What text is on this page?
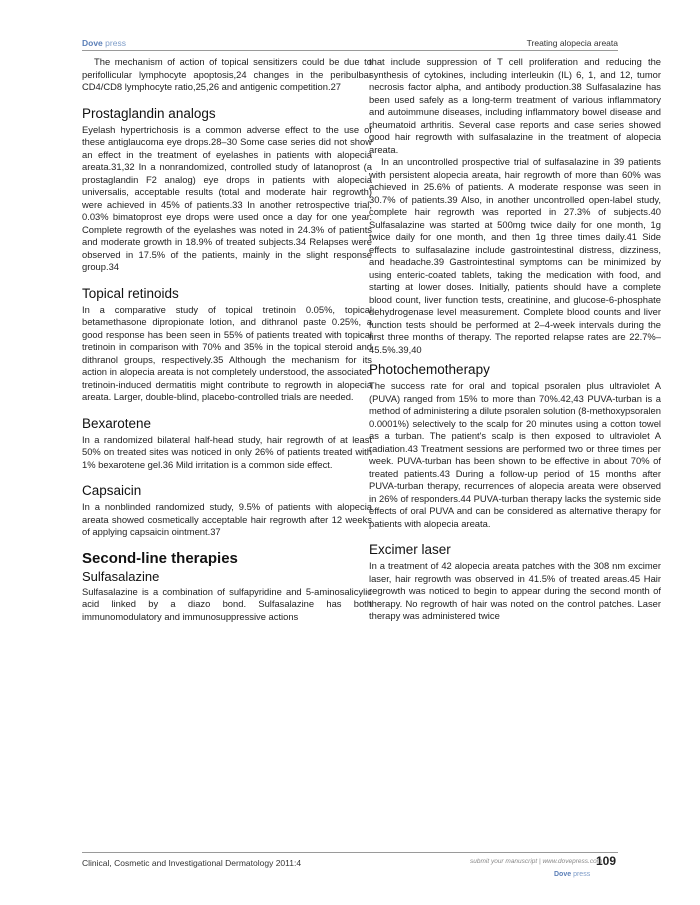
Dove press	Treating alopecia areata

The mechanism of action of topical sensitizers could be due to perifollicular lymphocyte apoptosis,24 changes in the peribulbar CD4/CD8 lymphocyte ratio,25,26 and antigenic competition.27

Prostaglandin analogs

Eyelash hypertrichosis is a common adverse effect to the use of these antiglaucoma eye drops.28–30 Some case series did not show an effect in the treatment of eyelashes in patients with alopecia areata.31,32 In a nonrandomized, controlled study of latanoprost (a prostaglandin F2 analog) eye drops in patients with alopecia universalis, acceptable results (total and moderate hair regrowth) were achieved in 45% of patients.33 In another retrospective trial, 0.03% bimatoprost eye drops were used once a day for one year. Complete regrowth of the eyelashes was noted in 24.3% of patients and moderate growth in 18.9% of treated subjects.34 Relapses were observed in 17.5% of the patients, mainly in the slight response group.34

Topical retinoids

In a comparative study of topical tretinoin 0.05%, topical betamethasone dipropionate lotion, and dithranol paste 0.25%, a good response has been seen in 55% of patients treated with topical tretinoin in comparison with 70% and 35% in the topical steroid and dithranol groups, respectively.35 Although the mechanism for its action in alopecia areata is not completely understood, the associated tretinoin-induced dermatitis might contribute to regrowth in alopecia areata. Larger, double-blind, placebo-controlled trials are needed.

Bexarotene

In a randomized bilateral half-head study, hair regrowth of at least 50% on treated sites was noticed in only 26% of patients treated with 1% bexarotene gel.36 Mild irritation is a common side effect.

Capsaicin

In a nonblinded randomized study, 9.5% of patients with alopecia areata showed cosmetically acceptable hair regrowth after 12 weeks of applying capsaicin ointment.37

Second-line therapies
Sulfasalazine

Sulfasalazine is a combination of sulfapyridine and 5-aminosalicylic acid linked by a diazo bond. Sulfasalazine has both immunomodulatory and immunosuppressive actions

that include suppression of T cell proliferation and reducing the synthesis of cytokines, including interleukin (IL) 6, 1, and 12, tumor necrosis factor alpha, and antibody production.38 Sulfasalazine has been used safely as a long-term treatment of various inflammatory and autoimmune diseases, including inflammatory bowel disease and rheumatoid arthritis. Several case reports and case series showed good hair regrowth with sulfasalazine in the treatment of alopecia areata.

In an uncontrolled prospective trial of sulfasalazine in 39 patients with persistent alopecia areata, hair regrowth of more than 60% was achieved in 25.6% of patients. A moderate response was seen in 30.7% of patients.39 Also, in another uncontrolled open-label study, complete hair regrowth was reported in 27.3% of subjects.40 Sulfasalazine was started at 500mg twice daily for one month, 1g twice daily for one month, and then 1g three times daily.41 Side effects to sulfasalazine include gastrointestinal distress, dizziness, and headache.39 Gastrointestinal symptoms can be minimized by using enteric-coated tablets, taking the medication with food, and starting at lower doses. Initially, patients should have a complete blood count, liver function tests, creatinine, and glucose-6-phosphate dehydrogenase level measurement. Complete blood counts and liver function tests should be performed at 2–4-week intervals during the first three months of therapy. The reported relapse rates are 22.7%–45.5%.39,40

Photochemotherapy

The success rate for oral and topical psoralen plus ultraviolet A (PUVA) ranged from 15% to more than 70%.42,43 PUVA-turban is a method of administering a dilute psoralen solution (8-methoxypsoralen 0.0001%) selectively to the scalp for 20 minutes using a cotton towel as a turban. The patient's scalp is then exposed to ultraviolet A radiation.43 Treatment sessions are performed two or three times per week. PUVA-turban has been shown to be effective in about 70% of treated patients.43 During a follow-up period of 15 months after PUVA-turban therapy, recurrences of alopecia areata were observed in 26% of responders.44 PUVA-turban therapy lacks the systemic side effects of oral PUVA and can be considered as alternative therapy for patients with alopecia areata.

Excimer laser

In a treatment of 42 alopecia areata patches with the 308 nm excimer laser, hair regrowth was observed in 41.5% of treated areas.45 Hair regrowth was noticed to begin to appear during the second month of therapy. No regrowth of hair was noted on the control patches. Laser therapy was administered twice

Clinical, Cosmetic and Investigational Dermatology 2011:4	submit your manuscript | www.dovepress.com
109
Dove press
